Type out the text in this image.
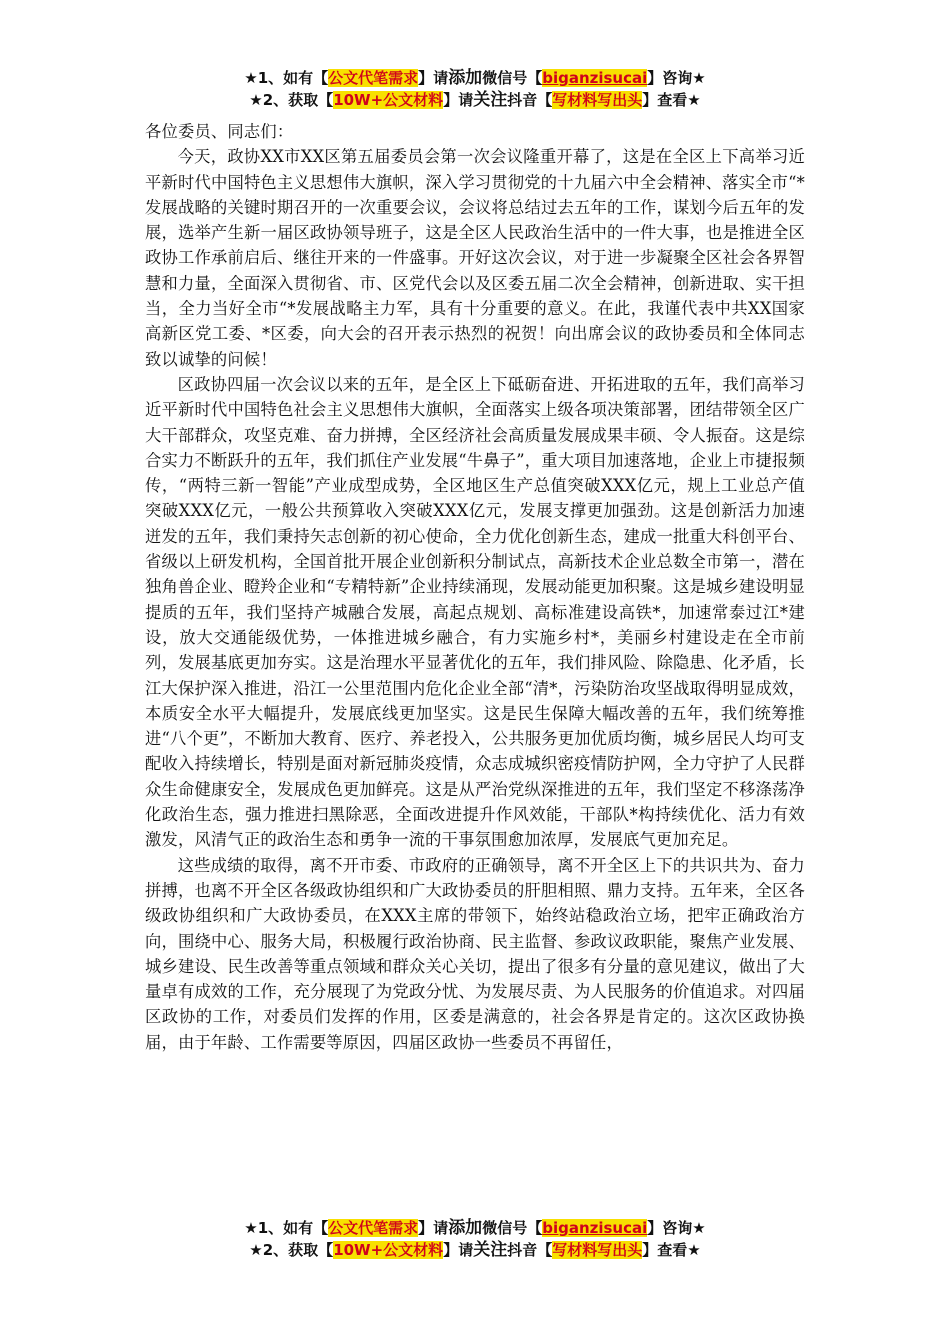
★1、如有【公文代笔需求】请添加微信号【biganzisucai】咨询★
★2、获取【10W+公文材料】请关注抖音【写材料写出头】查看★

各位委员、同志们：

今天，政协XX市XX区第五届委员会第一次会议隆重开幕了，这是在全区上下高举习近平新时代中国特色主义思想伟大旗帜，深入学习贯彻党的十九届六中全会精神、落实全市“*发展战略的关键时期召开的一次重要会议，会议将总结过去五年的工作，谋划今后五年的发展，选举产生新一届区政协领导班子，这是全区人民政治生活中的一件大事，也是推进全区政协工作承前启后、继往开来的一件盛事。开好这次会议，对于进一步凝聚全区社会各界智慧和力量，全面深入贯彻省、市、区党代会以及区委五届二次全会精神，创新进取、实干担当，全力当好全市“*发展战略主力军，具有十分重要的意义。在此，我谨代表中共XX国家高新区党工委、*区委，向大会的召开表示热烈的祝贺！向出席会议的政协委员和全体同志致以诚挚的问候！

区政协四届一次会议以来的五年，是全区上下砥砺奋进、开拓进取的五年，我们高举习近平新时代中国特色社会主义思想伟大旗帜，全面落实上级各项决策部署，团结带领全区广大干部群众，攻坚克难、奋力拼搏，全区经济社会高质量发展成果丰硕、令人振奋。这是综合实力不断跃升的五年，我们抓住产业发展“牛鼻子”，重大项目加速落地，企业上市捷报频传，“两特三新一智能”产业成型成势，全区地区生产总值突破XXX亿元，规上工业总产值突破XXX亿元，一般公共预算收入突破XXX亿元，发展支撑更加强劲。这是创新活力加速迸发的五年，我们秉持矢志创新的初心使命，全力优化创新生态，建成一批重大科创平台、省级以上研发机构，全国首批开展企业创新积分制试点，高新技术企业总数全市第一，潜在独角兽企业、瞪羚企业和“专精特新”企业持续涌现，发展动能更加积聚。这是城乡建设明显提质的五年，我们坚持产城融合发展，高起点规划、高标准建设高铁*，加速常泰过江*建设，放大交通能级优势，一体推进城乡融合，有力实施乡村*，美丽乡村建设走在全市前列，发展基底更加夯实。这是治理水平显著优化的五年，我们排风险、除隐患、化矛盾，长江大保护深入推进，沿江一公里范围内危化企业全部“清*，污染防治攻坚战取得明显成效，本质安全水平大幅提升，发展底线更加坚实。这是民生保障大幅改善的五年，我们统筹推进“八个更”，不断加大教育、医疗、养老投入，公共服务更加优质均衡，城乡居民人均可支配收入持续增长，特别是面对新冠肺炎疫情，众志成城织密疫情防护网，全力守护了人民群众生命健康安全，发展成色更加鲜亮。这是从严治党纵深推进的五年，我们坚定不移涤荡净化政治生态，强力推进扫黑除恶，全面改进提升作风效能，干部队*构持续优化、活力有效激发，风清气正的政治生态和勇争一流的干事氛围愈加浓厚，发展底气更加充足。

这些成绩的取得，离不开市委、市政府的正确领导，离不开全区上下的共识共为、奋力拼搏，也离不开全区各级政协组织和广大政协委员的肝胆相照、鼎力支持。五年来，全区各级政协组织和广大政协委员，在XXX主席的带领下，始终站稳政治立场，把牢正确政治方向，围绕中心、服务大局，积极履行政治协商、民主监督、参政议政职能，聚焦产业发展、城乡建设、民生改善等重点领域和群众关心关切，提出了很多有分量的意见建议，做出了大量卓有成效的工作，充分展现了为党政分忧、为发展尽责、为人民服务的价值追求。对四届区政协的工作，对委员们发挥的作用，区委是满意的，社会各界是肯定的。这次区政协换届，由于年龄、工作需要等原因，四届区政协一些委员不再留任，

★1、如有【公文代笔需求】请添加微信号【biganzisucai】咨询★
★2、获取【10W+公文材料】请关注抖音【写材料写出头】查看★
